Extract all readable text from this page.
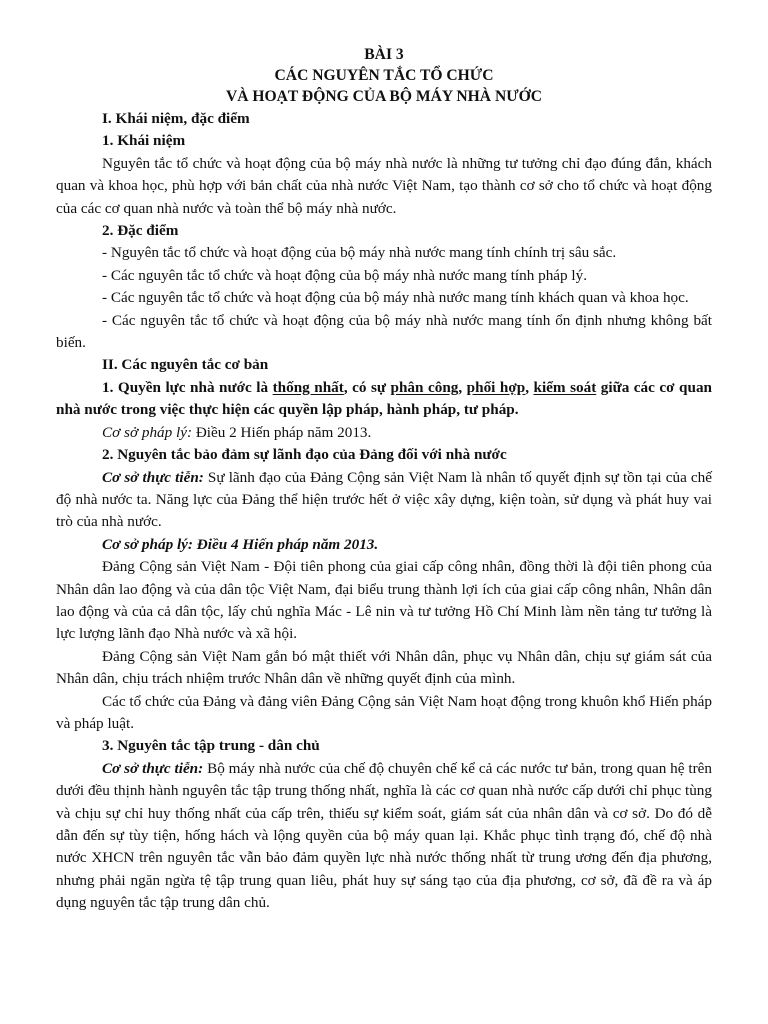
BÀI 3
CÁC NGUYÊN TẮC TỔ CHỨC
VÀ HOẠT ĐỘNG CỦA BỘ MÁY NHÀ NƯỚC

I. Khái niệm, đặc điểm

1. Khái niệm

Nguyên tắc tổ chức và hoạt động của bộ máy nhà nước là những tư tưởng chỉ đạo đúng đắn, khách quan và khoa học, phù hợp với bản chất của nhà nước Việt Nam, tạo thành cơ sở cho tổ chức và hoạt động của các cơ quan nhà nước và toàn thể bộ máy nhà nước.

2. Đặc điểm

- Nguyên tắc tổ chức và hoạt động của bộ máy nhà nước mang tính chính trị sâu sắc.

- Các nguyên tắc tổ chức và hoạt động của bộ máy nhà nước mang tính pháp lý.

- Các nguyên tắc tổ chức và hoạt động của bộ máy nhà nước mang tính khách quan và khoa học.

- Các nguyên tắc tổ chức và hoạt động của bộ máy nhà nước mang tính ổn định nhưng không bất biến.

II. Các nguyên tắc cơ bản

1. Quyền lực nhà nước là thống nhất, có sự phân công, phối hợp, kiểm soát giữa các cơ quan nhà nước trong việc thực hiện các quyền lập pháp, hành pháp, tư pháp.

Cơ sở pháp lý: Điều 2 Hiến pháp năm 2013.

2. Nguyên tắc bảo đảm sự lãnh đạo của Đảng đối với nhà nước

Cơ sở thực tiễn: Sự lãnh đạo của Đảng Cộng sản Việt Nam là nhân tố quyết định sự tồn tại của chế độ nhà nước ta. Năng lực của Đảng thể hiện trước hết ở việc xây dựng, kiện toàn, sử dụng và phát huy vai trò của nhà nước.

Cơ sở pháp lý: Điều 4 Hiến pháp năm 2013.

Đảng Cộng sản Việt Nam - Đội tiên phong của giai cấp công nhân, đồng thời là đội tiên phong của Nhân dân lao động và của dân tộc Việt Nam, đại biểu trung thành lợi ích của giai cấp công nhân, Nhân dân lao động và của cả dân tộc, lấy chủ nghĩa Mác - Lê nin và tư tưởng Hồ Chí Minh làm nền tảng tư tưởng là lực lượng lãnh đạo Nhà nước và xã hội.

Đảng Cộng sản Việt Nam gắn bó mật thiết với Nhân dân, phục vụ Nhân dân, chịu sự giám sát của Nhân dân, chịu trách nhiệm trước Nhân dân về những quyết định của mình.

Các tổ chức của Đảng và đảng viên Đảng Cộng sản Việt Nam hoạt động trong khuôn khổ Hiến pháp và pháp luật.

3. Nguyên tắc tập trung - dân chủ

Cơ sở thực tiễn: Bộ máy nhà nước của chế độ chuyên chế kể cả các nước tư bản, trong quan hệ trên dưới đều thịnh hành nguyên tắc tập trung thống nhất, nghĩa là các cơ quan nhà nước cấp dưới chỉ phục tùng và chịu sự chỉ huy thống nhất của cấp trên, thiếu sự kiểm soát, giám sát của nhân dân và cơ sở. Do đó dễ dẫn đến sự tùy tiện, hống hách và lộng quyền của bộ máy quan lại. Khắc phục tình trạng đó, chế độ nhà nước XHCN trên nguyên tắc vẫn bảo đảm quyền lực nhà nước thống nhất từ trung ương đến địa phương, nhưng phải ngăn ngừa tệ tập trung quan liêu, phát huy sự sáng tạo của địa phương, cơ sở, đã đề ra và áp dụng nguyên tắc tập trung dân chủ.
